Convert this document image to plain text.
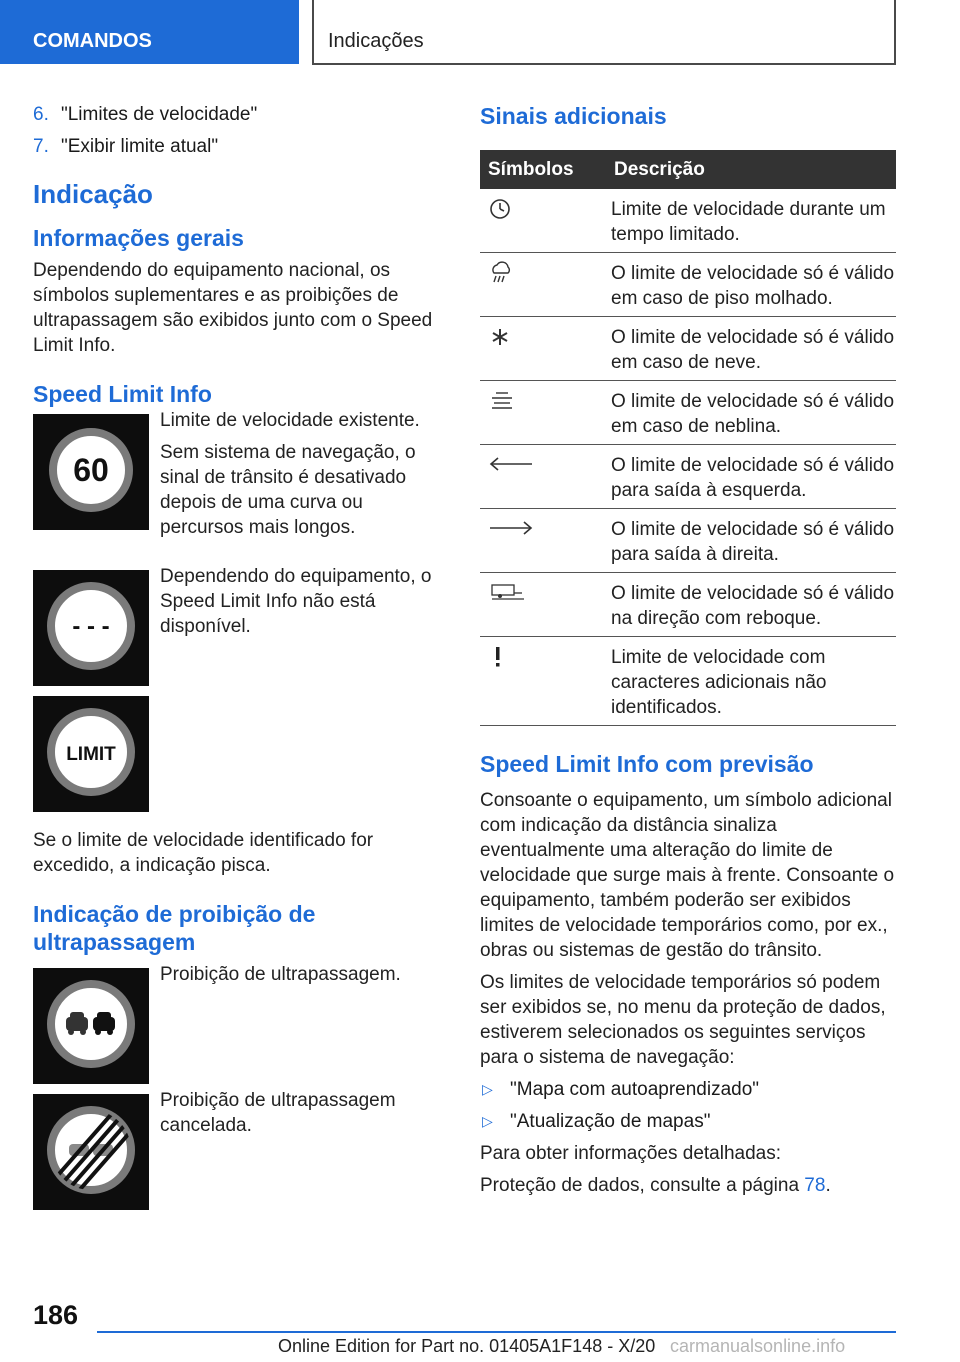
COMANDOS	Indicações
6. "Limites de velocidade"
7. "Exibir limite atual"
Indicação
Informações gerais
Dependendo do equipamento nacional, os símbolos suplementares e as proibições de ultrapassagem são exibidos junto com o Speed Limit Info.
Speed Limit Info
60
Limite de velocidade existente.
Sem sistema de navegação, o sinal de trânsito é desativado depois de uma curva ou percursos mais longos.
- - -
Dependendo do equipamento, o Speed Limit Info não está disponível.
LIMIT
Se o limite de velocidade identificado for excedido, a indicação pisca.
Indicação de proibição de ultrapassagem
Proibição de ultrapassagem.
Proibição de ultrapassagem cancelada.
Sinais adicionais
Símbolos	Descrição

	Limite de velocidade durante um tempo limitado.

	O limite de velocidade só é válido em caso de piso molhado.

	O limite de velocidade só é válido em caso de neve.

	O limite de velocidade só é válido em caso de neblina.

	O limite de velocidade só é válido para saída à esquerda.

	O limite de velocidade só é válido para saída à direita.

	O limite de velocidade só é válido na direção com reboque.

	Limite de velocidade com caracteres adicionais não identificados.
Speed Limit Info com previsão
Consoante o equipamento, um símbolo adicional com indicação da distância sinaliza eventualmente uma alteração do limite de velocidade que surge mais à frente. Consoante o equipamento, também poderão ser exibidos limites de velocidade temporários como, por ex., obras ou sistemas de gestão do trânsito.
Os limites de velocidade temporários só podem ser exibidos se, no menu da proteção de dados, estiverem selecionados os seguintes serviços para o sistema de navegação:
▷ "Mapa com autoaprendizado"
▷ "Atualização de mapas"
Para obter informações detalhadas:
Proteção de dados, consulte a página 78.
186
Online Edition for Part no. 01405A1F148 - X/20 carmanualsonline.info
